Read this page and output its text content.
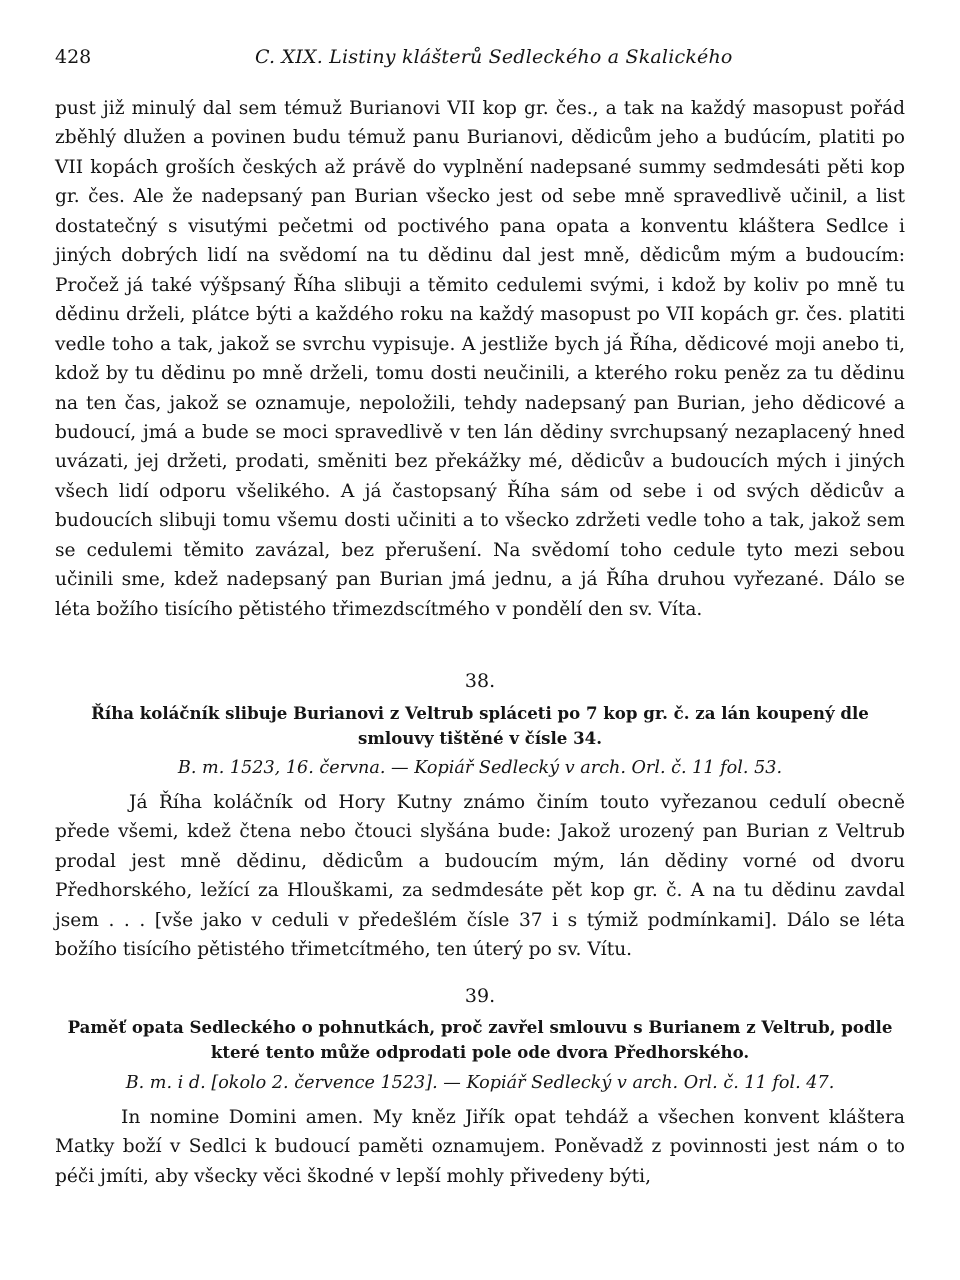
428	C. XIX. Listiny klášterů Sedleckého a Skalického

pust již minulý dal sem témuž Burianovi VII kop gr. čes., a tak na každý masopust pořád zběhlý dlužen a povinen budu témuž panu Burianovi, dědicům jeho a budúcím, platiti po VII kopách groších českých až právě do vyplnění nadepsané summy sedmdesáti pěti kop gr. čes. Ale že nadepsaný pan Burian všecko jest od sebe mně spravedlivě učinil, a list dostatečný s visutými pečetmi od poctivého pana opata a konventu kláštera Sedlce i jiných dobrých lidí na svědomí na tu dědinu dal jest mně, dědicům mým a budoucím: Pročež já také výšpsaný Říha slibuji a těmito cedulemi svými, i kdož by koliv po mně tu dědinu drželi, plátce býti a každého roku na každý masopust po VII kopách gr. čes. platiti vedle toho a tak, jakož se svrchu vypisuje. A jestliže bych já Říha, dědicové moji anebo ti, kdož by tu dědinu po mně drželi, tomu dosti neučinili, a kterého roku peněz za tu dědinu na ten čas, jakož se oznamuje, nepoložili, tehdy nadepsaný pan Burian, jeho dědicové a budoucí, jmá a bude se moci spravedlivě v ten lán dědiny svrchupsaný nezaplacený hned uvázati, jej držeti, prodati, směniti bez překážky mé, dědicův a budoucích mých i jiných všech lidí odporu všelikého. A já častopsaný Říha sám od sebe i od svých dědicův a budoucích slibuji tomu všemu dosti učiniti a to všecko zdržeti vedle toho a tak, jakož sem se cedulemi těmito zavázal, bez přerušení. Na svědomí toho cedule tyto mezi sebou učinili sme, kdež nadepsaný pan Burian jmá jednu, a já Říha druhou vyřezané. Dálo se léta božího tisícího pětistého třimezdscítmého v pondělí den sv. Víta.

38.
Říha koláčník slibuje Burianovi z Veltrub spláceti po 7 kop gr. č. za lán koupený dle smlouvy tištěné v čísle 34.
B. m. 1523, 16. června. — Kopiář Sedlecký v arch. Orl. č. 11 fol. 53.

Já Říha koláčník od Hory Kutny známo činím touto vyřezanou cedulí obecně přede všemi, kdež čtena nebo čtouci slyšána bude: Jakož urozený pan Burian z Veltrub prodal jest mně dědinu, dědicům a budoucím mým, lán dědiny vorné od dvoru Předhorského, ležící za Hlouškami, za sedmdesáte pět kop gr. č. A na tu dědinu zavdal jsem . . . [vše jako v ceduli v předešlém čísle 37 i s týmiž podmínkami]. Dálo se léta božího tisícího pětistého třimetcítmého, ten úterý po sv. Vítu.

39.
Paměť opata Sedleckého o pohnutkách, proč zavřel smlouvu s Burianem z Veltrub, podle které tento může odprodati pole ode dvora Předhorského.
B. m. i d. [okolo 2. července 1523]. — Kopiář Sedlecký v arch. Orl. č. 11 fol. 47.

In nomine Domini amen. My kněz Jiřík opat tehdáž a všechen konvent kláštera Matky boží v Sedlci k budoucí paměti oznamujem. Poněvadž z povinnosti jest nám o to péči jmíti, aby všecky věci škodné v lepší mohly přivedeny býti,
